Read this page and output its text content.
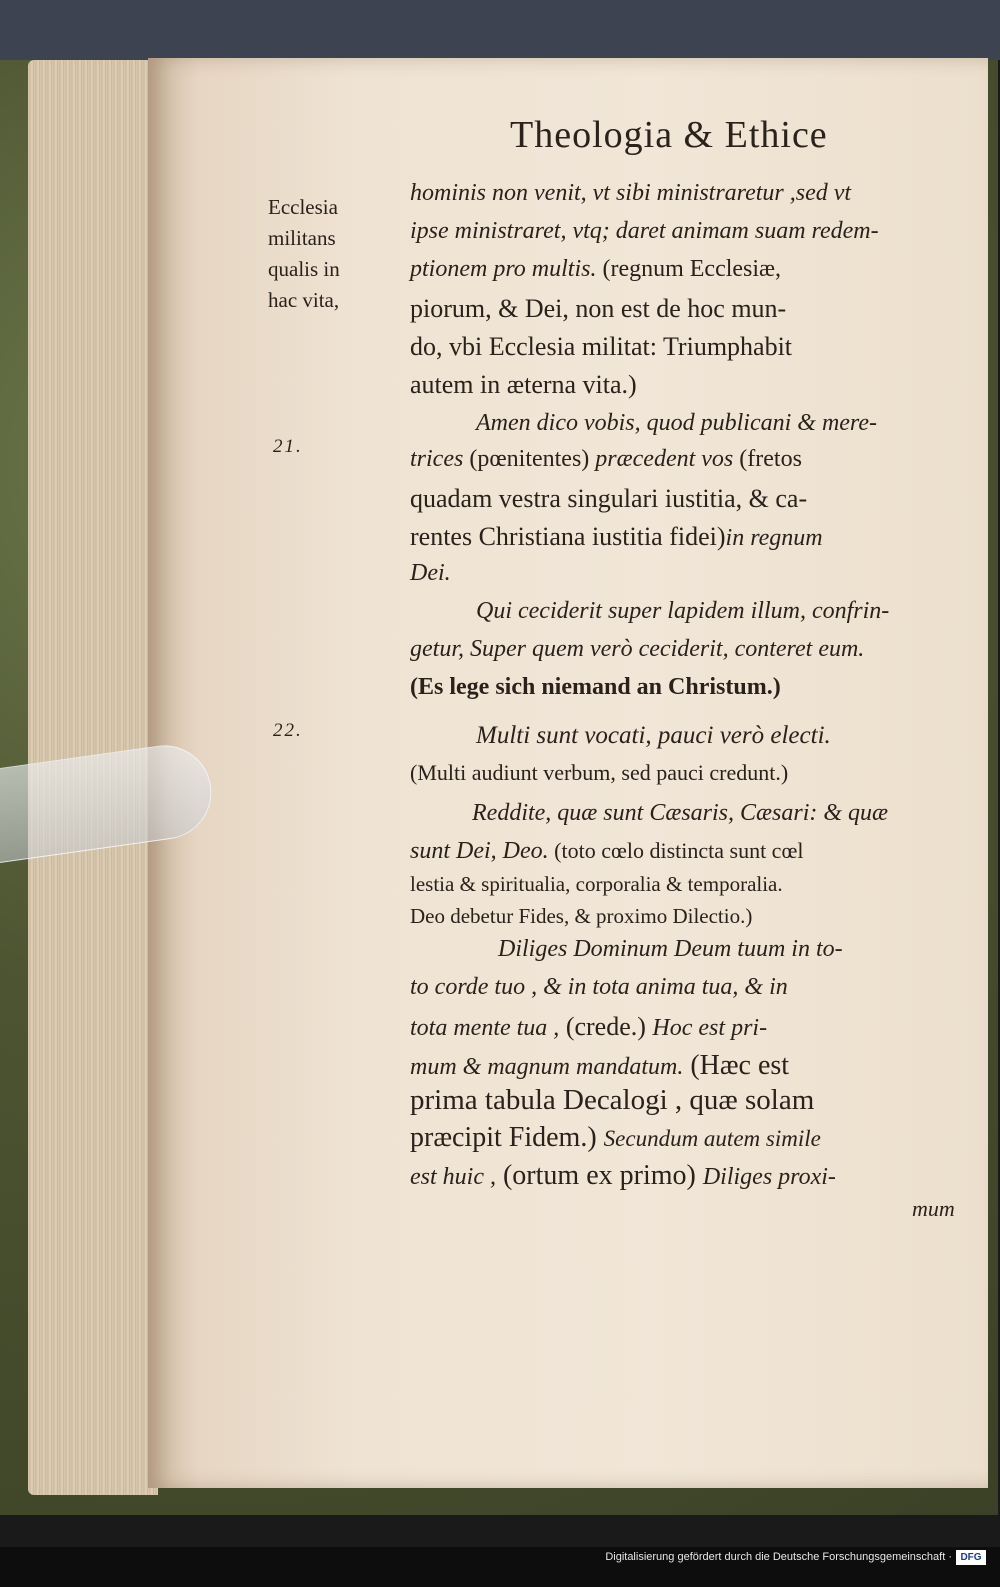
Theologia & Ethice
Ecclesia
militans
qualis in
hac vita,
21.
22.
hominis non venit, vt sibi ministraretur ,sed vt
ipse ministraret, vtq; daret animam suam redem-
ptionem pro multis. (regnum Ecclesiæ,
piorum, & Dei, non est de hoc mun-
do, vbi Ecclesia militat: Triumphabit
autem in æterna vita.)
Amen dico vobis, quod publicani & mere-
trices (pœnitentes) præcedent vos (fretos
quadam vestra singulari iustitia, & ca-
rentes Christiana iustitia fidei)in regnum
Dei.
Qui ceciderit super lapidem illum, confrin-
getur, Super quem verò ceciderit, conteret eum.
(Es lege sich niemand an Christum.)
Multi sunt vocati, pauci verò electi.
(Multi audiunt verbum, sed pauci credunt.)
Reddite, quæ sunt Cæsaris, Cæsari: & quæ
sunt Dei, Deo. (toto cœlo distincta sunt cœl
lestia & spiritualia, corporalia & temporalia.
Deo debetur Fides, & proximo Dilectio.)
Diliges Dominum Deum tuum in to-
to corde tuo , & in tota anima tua, & in
tota mente tua , (crede.) Hoc est pri-
mum & magnum mandatum. (Hæc est
prima tabula Decalogi , quæ solam
præcipit Fidem.) Secundum autem simile
est huic , (ortum ex primo) Diliges proxi-
mum
Digitalisierung gefördert durch die Deutsche Forschungsgemeinschaft · DFG
